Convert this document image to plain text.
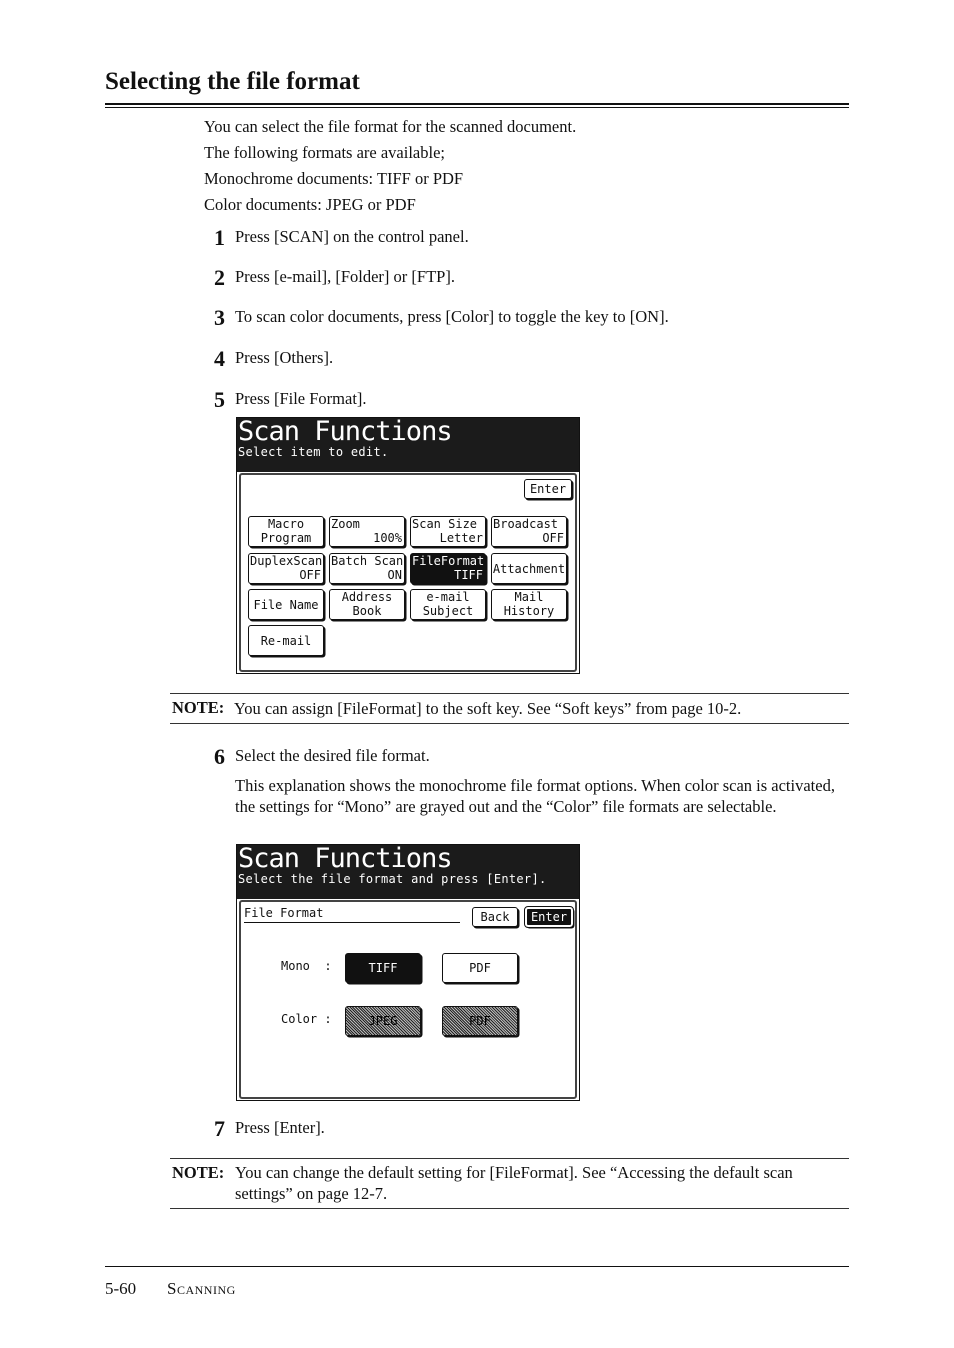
Selecting the file format

You can select the file format for the scanned document.

The following formats are available;

Monochrome documents: TIFF or PDF

Color documents: JPEG or PDF

1 Press [SCAN] on the control panel.
2 Press [e-mail], [Folder] or [FTP].
3 To scan color documents, press [Color] to toggle the key to [ON].
4 Press [Others].
5 Press [File Format].
Scan Functions
Select item to edit.
Enter
Macro
Program
Zoom
100%
Scan Size
Letter
Broadcast
OFF
DuplexScan
OFF
Batch Scan
ON
FileFormat
TIFF Attachment
File Name
Address
Book
e-mail
Subject
Mail
History
Re-mail
NOTE: You can assign [FileFormat] to the soft key. See “Soft keys” from page 10-2.
6 Select the desired file format.
This explanation shows the monochrome file format options. When color scan is activated, the settings for “Mono” are grayed out and the “Color” file formats are selectable.
Scan Functions
Select the file format and press [Enter].
File Format	Back	Enter
Mono  :	TIFF	PDF
Color :	JPEG	PDF
7 Press [Enter].
NOTE: You can change the default setting for [FileFormat]. See “Accessing the default scan settings” on page 12-7.
5-60 Scanning
